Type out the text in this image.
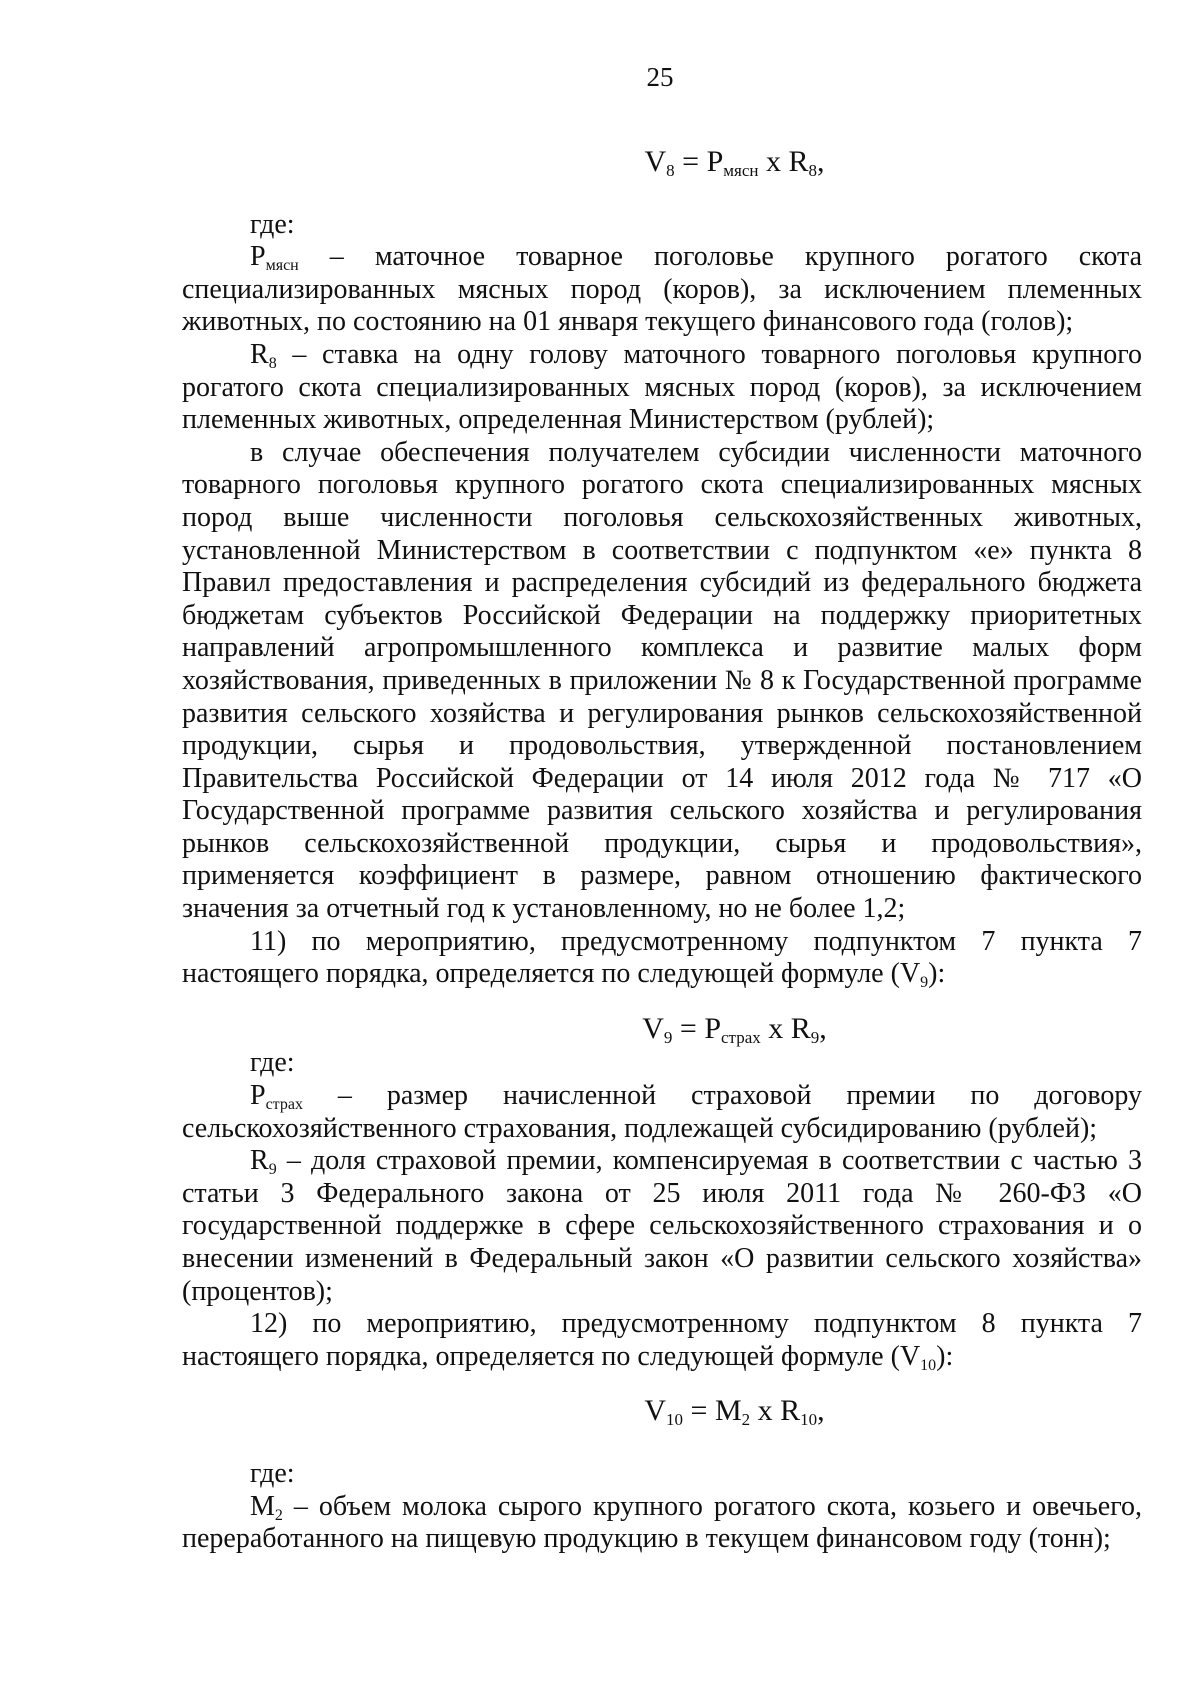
25
$V_8 = P_{мясн}$ x $R_8$,

где:

$P_{мясн}$ – маточное товарное поголовье крупного рогатого скота специализированных мясных пород (коров), за исключением племенных животных, по состоянию на 01 января текущего финансового года (голов);

$R_8$ – ставка на одну голову маточного товарного поголовья крупного рогатого скота специализированных мясных пород (коров), за исключением племенных животных, определенная Министерством (рублей);

в случае обеспечения получателем субсидии численности маточного товарного поголовья крупного рогатого скота специализированных мясных пород выше численности поголовья сельскохозяйственных животных, установленной Министерством в соответствии с подпунктом «е» пункта 8 Правил предоставления и распределения субсидий из федерального бюджета бюджетам субъектов Российской Федерации на поддержку приоритетных направлений агропромышленного комплекса и развитие малых форм хозяйствования, приведенных в приложении № 8 к Государственной программе развития сельского хозяйства и регулирования рынков сельскохозяйственной продукции, сырья и продовольствия, утвержденной постановлением Правительства Российской Федерации от 14 июля 2012 года № 717 «О Государственной программе развития сельского хозяйства и регулирования рынков сельскохозяйственной продукции, сырья и продовольствия», применяется коэффициент в размере, равном отношению фактического значения за отчетный год к установленному, но не более 1,2;

11) по мероприятию, предусмотренному подпунктом 7 пункта 7 настоящего порядка, определяется по следующей формуле $(V_9)$:

$V_9 = P_{страх}$ x $R_9$,

где:

$P_{страх}$ – размер начисленной страховой премии по договору сельскохозяйственного страхования, подлежащей субсидированию (рублей);

$R_9$ – доля страховой премии, компенсируемая в соответствии с частью 3 статьи 3 Федерального закона от 25 июля 2011 года № 260-ФЗ «О государственной поддержке в сфере сельскохозяйственного страхования и о внесении изменений в Федеральный закон «О развитии сельского хозяйства» (процентов);

12) по мероприятию, предусмотренному подпунктом 8 пункта 7 настоящего порядка, определяется по следующей формуле $(V_{10})$:

$V_{10} = M_2$ x $R_{10}$,

где:

$M_2$ – объем молока сырого крупного рогатого скота, козьего и овечьего, переработанного на пищевую продукцию в текущем финансовом году (тонн);
